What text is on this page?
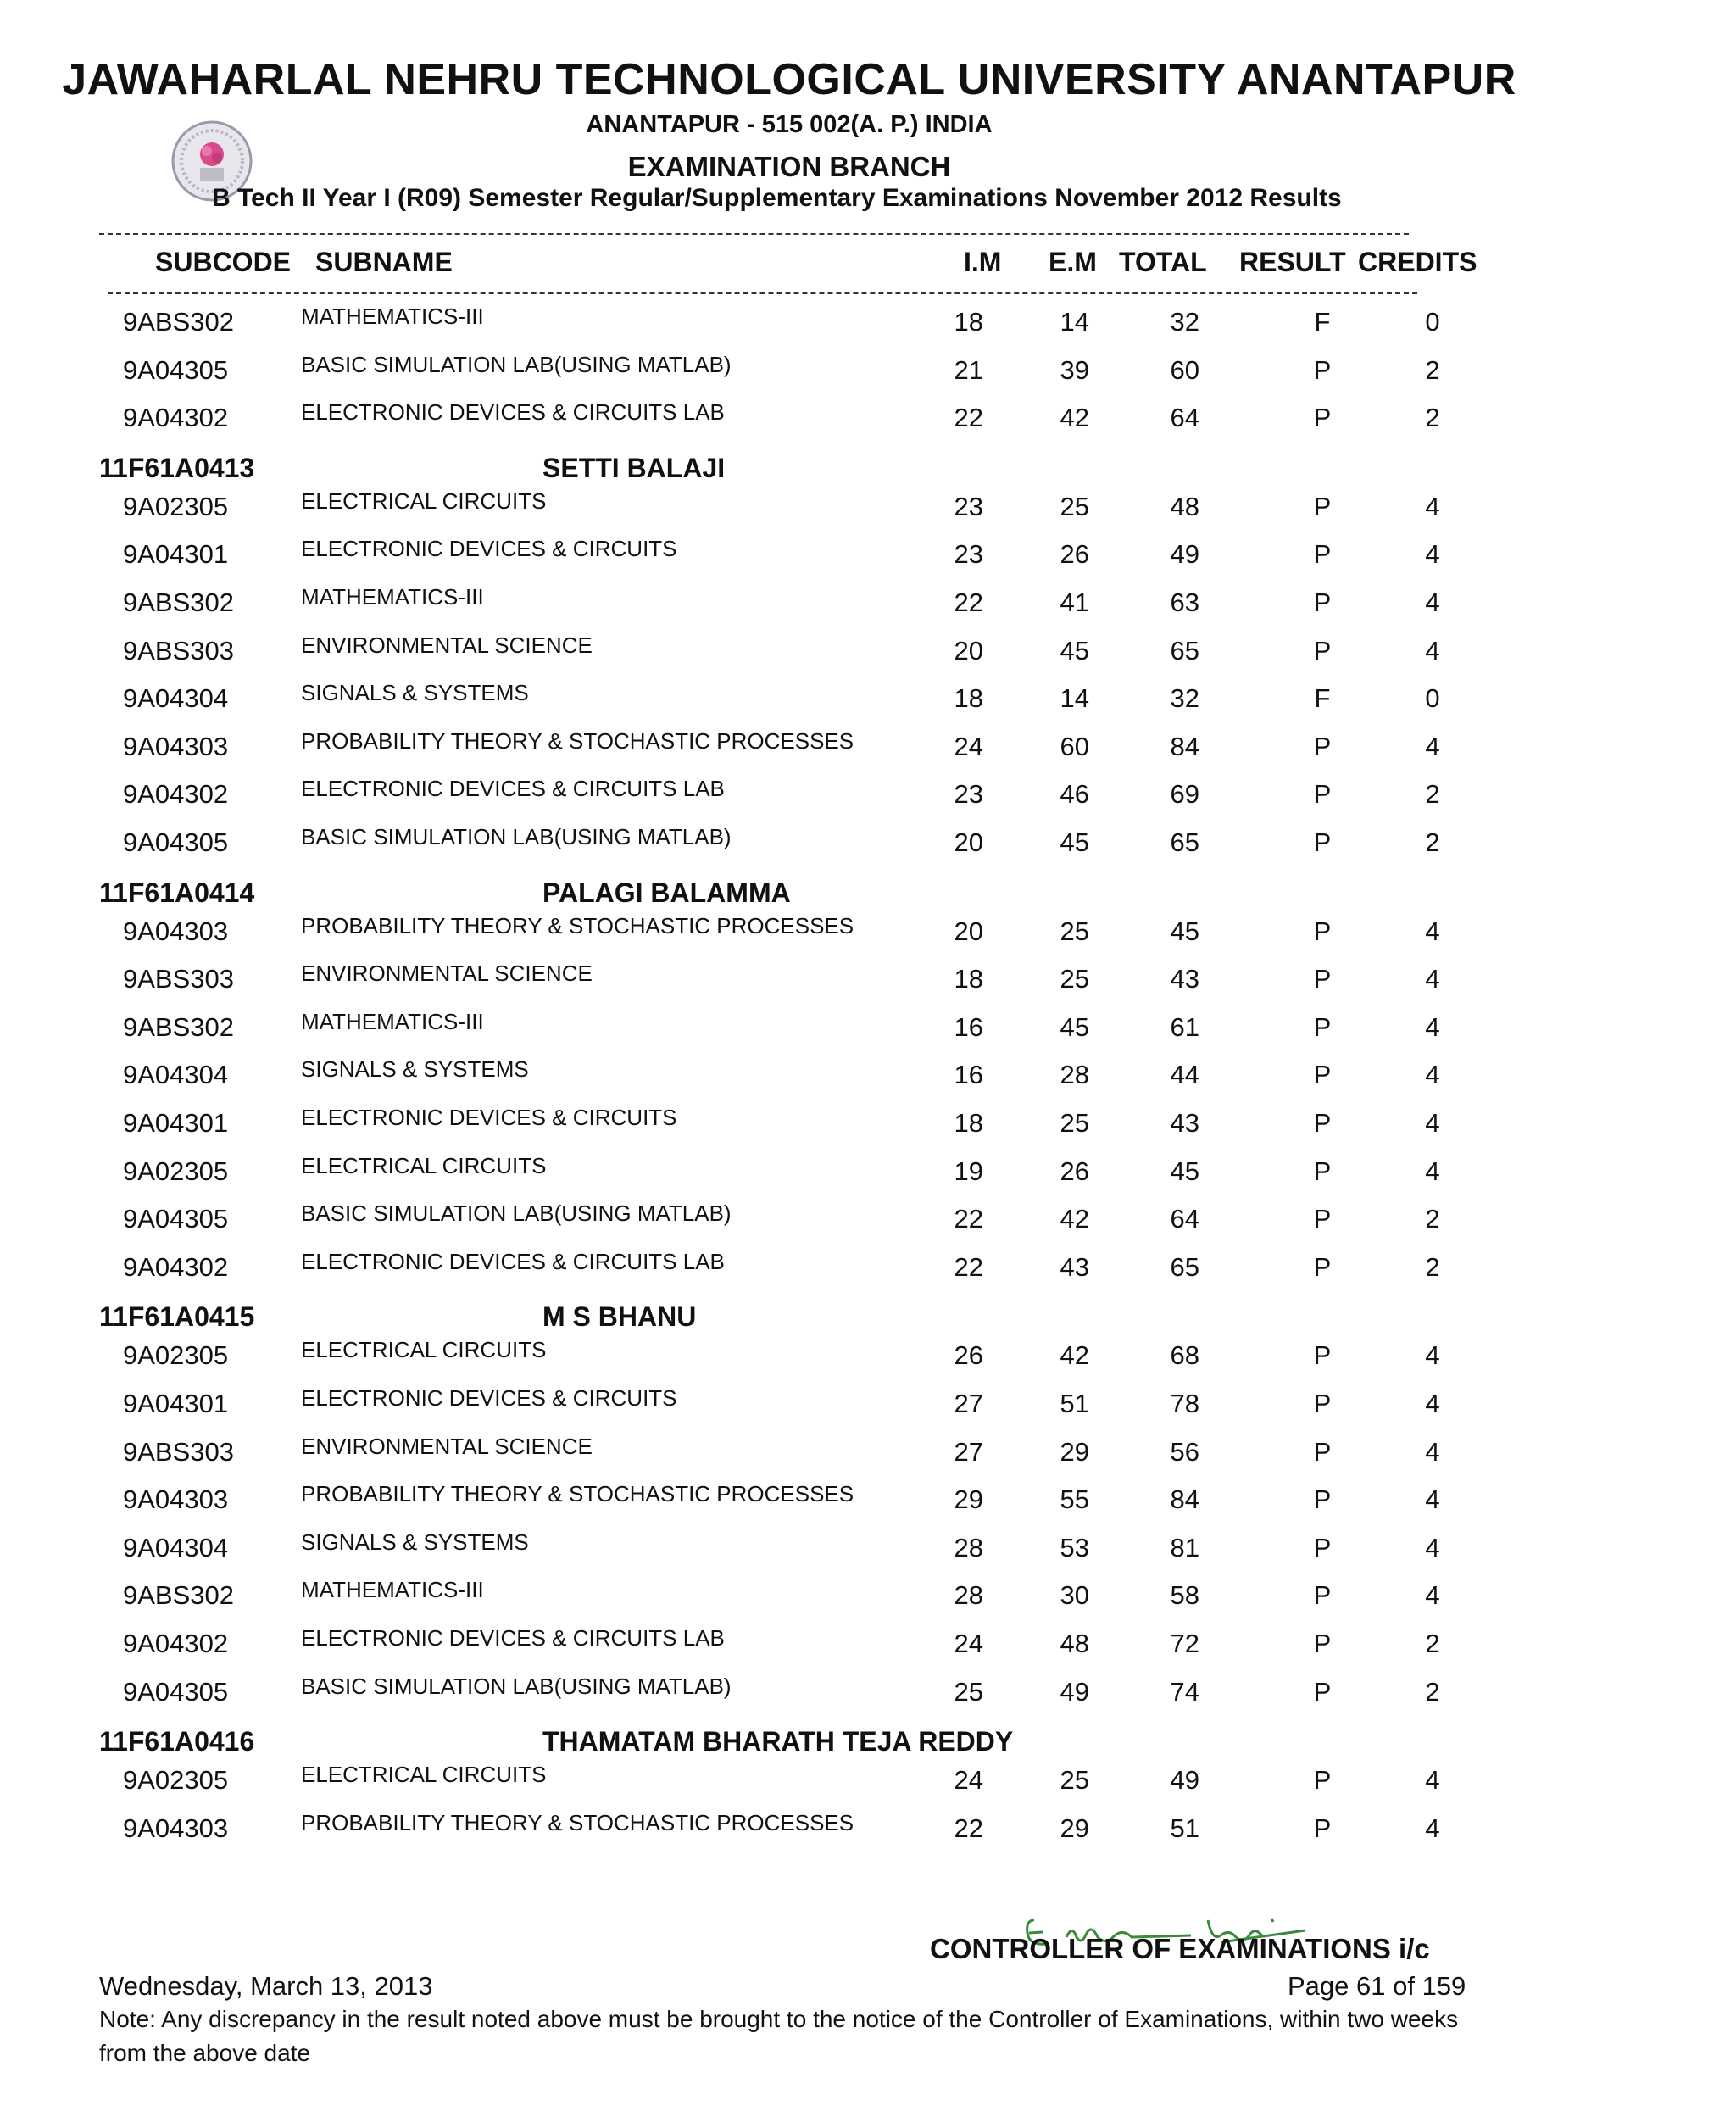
JAWAHARLAL NEHRU TECHNOLOGICAL UNIVERSITY ANANTAPUR
ANANTAPUR - 515 002(A. P.) INDIA
EXAMINATION BRANCH
B Tech II Year I (R09) Semester Regular/Supplementary Examinations November 2012 Results
SUBCODE SUBNAME	I.M E.M TOTAL RESULT CREDITS
9ABS302	MATHEMATICS-III	18	14	32	F	0
9A04305	BASIC SIMULATION LAB(USING MATLAB)	21	39	60	P	2
9A04302	ELECTRONIC DEVICES & CIRCUITS LAB	22	42	64	P	2
11F61A0413	SETTI BALAJI
9A02305	ELECTRICAL CIRCUITS	23	25	48	P	4
9A04301	ELECTRONIC DEVICES & CIRCUITS	23	26	49	P	4
9ABS302	MATHEMATICS-III	22	41	63	P	4
9ABS303	ENVIRONMENTAL SCIENCE	20	45	65	P	4
9A04304	SIGNALS & SYSTEMS	18	14	32	F	0
9A04303	PROBABILITY THEORY & STOCHASTIC PROCESSES	24	60	84	P	4
9A04302	ELECTRONIC DEVICES & CIRCUITS LAB	23	46	69	P	2
9A04305	BASIC SIMULATION LAB(USING MATLAB)	20	45	65	P	2
11F61A0414	PALAGI BALAMMA
9A04303	PROBABILITY THEORY & STOCHASTIC PROCESSES	20	25	45	P	4
9ABS303	ENVIRONMENTAL SCIENCE	18	25	43	P	4
9ABS302	MATHEMATICS-III	16	45	61	P	4
9A04304	SIGNALS & SYSTEMS	16	28	44	P	4
9A04301	ELECTRONIC DEVICES & CIRCUITS	18	25	43	P	4
9A02305	ELECTRICAL CIRCUITS	19	26	45	P	4
9A04305	BASIC SIMULATION LAB(USING MATLAB)	22	42	64	P	2
9A04302	ELECTRONIC DEVICES & CIRCUITS LAB	22	43	65	P	2
11F61A0415	M S BHANU
9A02305	ELECTRICAL CIRCUITS	26	42	68	P	4
9A04301	ELECTRONIC DEVICES & CIRCUITS	27	51	78	P	4
9ABS303	ENVIRONMENTAL SCIENCE	27	29	56	P	4
9A04303	PROBABILITY THEORY & STOCHASTIC PROCESSES	29	55	84	P	4
9A04304	SIGNALS & SYSTEMS	28	53	81	P	4
9ABS302	MATHEMATICS-III	28	30	58	P	4
9A04302	ELECTRONIC DEVICES & CIRCUITS LAB	24	48	72	P	2
9A04305	BASIC SIMULATION LAB(USING MATLAB)	25	49	74	P	2
11F61A0416	THAMATAM BHARATH TEJA REDDY
9A02305	ELECTRICAL CIRCUITS	24	25	49	P	4
9A04303	PROBABILITY THEORY & STOCHASTIC PROCESSES	22	29	51	P	4
CONTROLLER OF EXAMINATIONS i/c
Wednesday, March 13, 2013	Page 61 of 159
Note: Any discrepancy in the result noted above must be brought to the notice of the Controller of Examinations, within two weeks from the above date
